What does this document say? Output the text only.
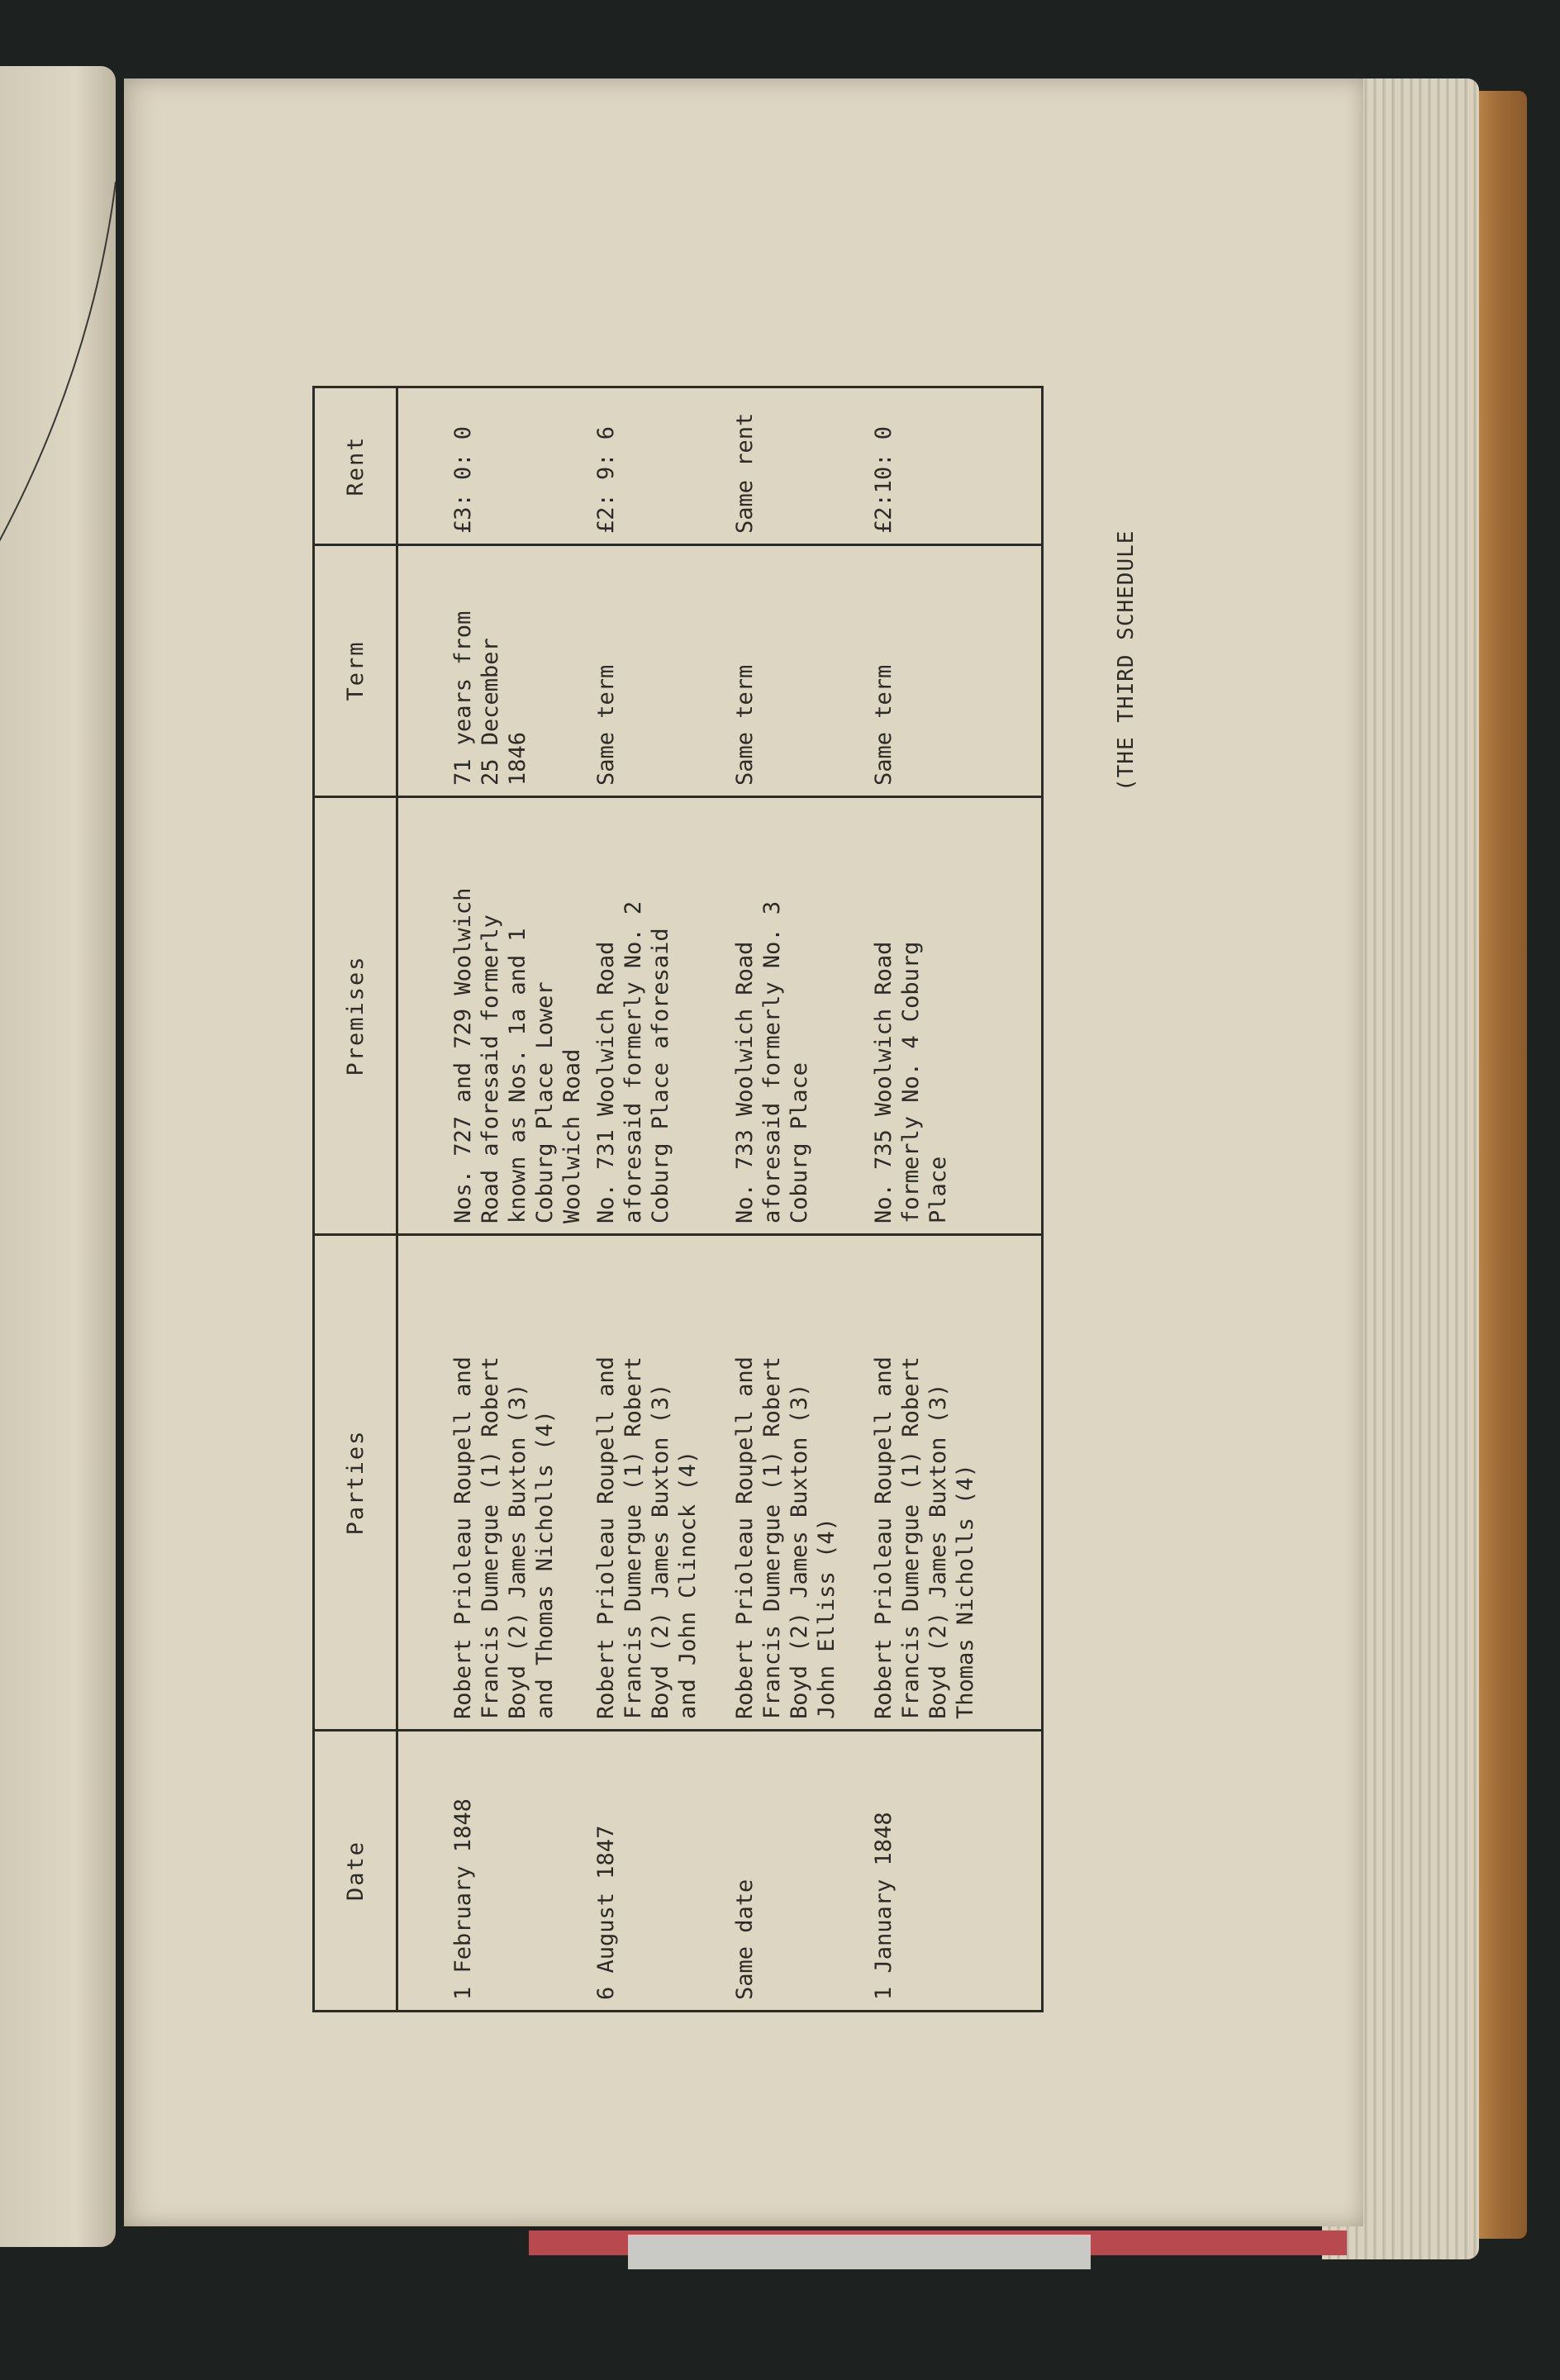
Date	Parties	Premises	Term	Rent
1 February 1848	Robert Prioleau Roupell and
Francis Dumergue (1) Robert
Boyd (2) James Buxton (3)
and Thomas Nicholls (4)	Nos. 727 and 729 Woolwich
Road aforesaid formerly
known as Nos. 1a and 1
Coburg Place Lower
Woolwich Road	71 years from
25 December
1846	£3: 0: 0
6 August 1847	Robert Prioleau Roupell and
Francis Dumergue (1) Robert
Boyd (2) James Buxton (3)
and John Clinock (4)	No. 731 Woolwich Road
aforesaid formerly No. 2
Coburg Place aforesaid	Same term	£2: 9: 6
Same date	Robert Prioleau Roupell and
Francis Dumergue (1) Robert
Boyd (2) James Buxton (3)
John Elliss (4)	No. 733 Woolwich Road
aforesaid formerly No. 3
Coburg Place	Same term	Same rent
1 January 1848	Robert Prioleau Roupell and
Francis Dumergue (1) Robert
Boyd (2) James Buxton (3)
Thomas Nicholls (4)	No. 735 Woolwich Road
formerly No. 4 Coburg
Place	Same term	£2:10: 0
(THE THIRD SCHEDULE
